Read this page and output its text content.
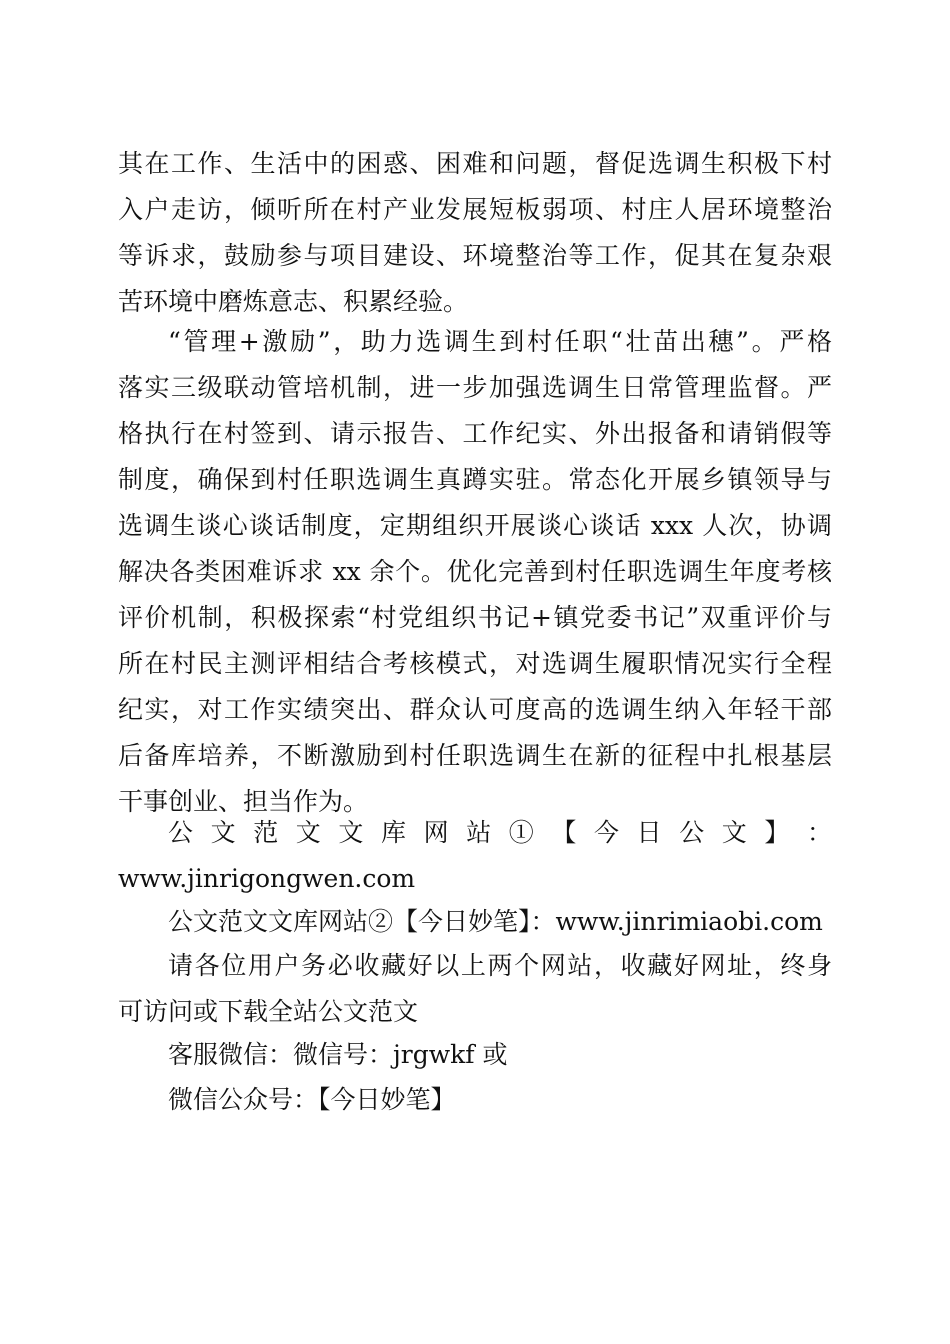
其在工作、生活中的困惑、困难和问题，督促选调生积极下村
入户走访，倾听所在村产业发展短板弱项、村庄人居环境整治
等诉求，鼓励参与项目建设、环境整治等工作，促其在复杂艰
苦环境中磨炼意志、积累经验。

“管理+激励”，助力选调生到村任职“壮苗出穗”。严格
落实三级联动管培机制，进一步加强选调生日常管理监督。严
格执行在村签到、请示报告、工作纪实、外出报备和请销假等
制度，确保到村任职选调生真蹲实驻。常态化开展乡镇领导与
选调生谈心谈话制度，定期组织开展谈心谈话 xxx 人次，协调
解决各类困难诉求 xx 余个。优化完善到村任职选调生年度考核
评价机制，积极探索“村党组织书记+镇党委书记”双重评价与
所在村民主测评相结合考核模式，对选调生履职情况实行全程
纪实，对工作实绩突出、群众认可度高的选调生纳入年轻干部
后备库培养，不断激励到村任职选调生在新的征程中扎根基层
干事创业、担当作为。

公 文 范 文 文 库 网 站 ① 【 今 日 公 文 】 ：
www.jinrigongwen.com

公文范文文库网站②【今日妙笔】：www.jinrimiaobi.com

请各位用户务必收藏好以上两个网站，收藏好网址，终身
可访问或下载全站公文范文

客服微信：微信号：jrgwkf 或

微信公众号：【今日妙笔】
